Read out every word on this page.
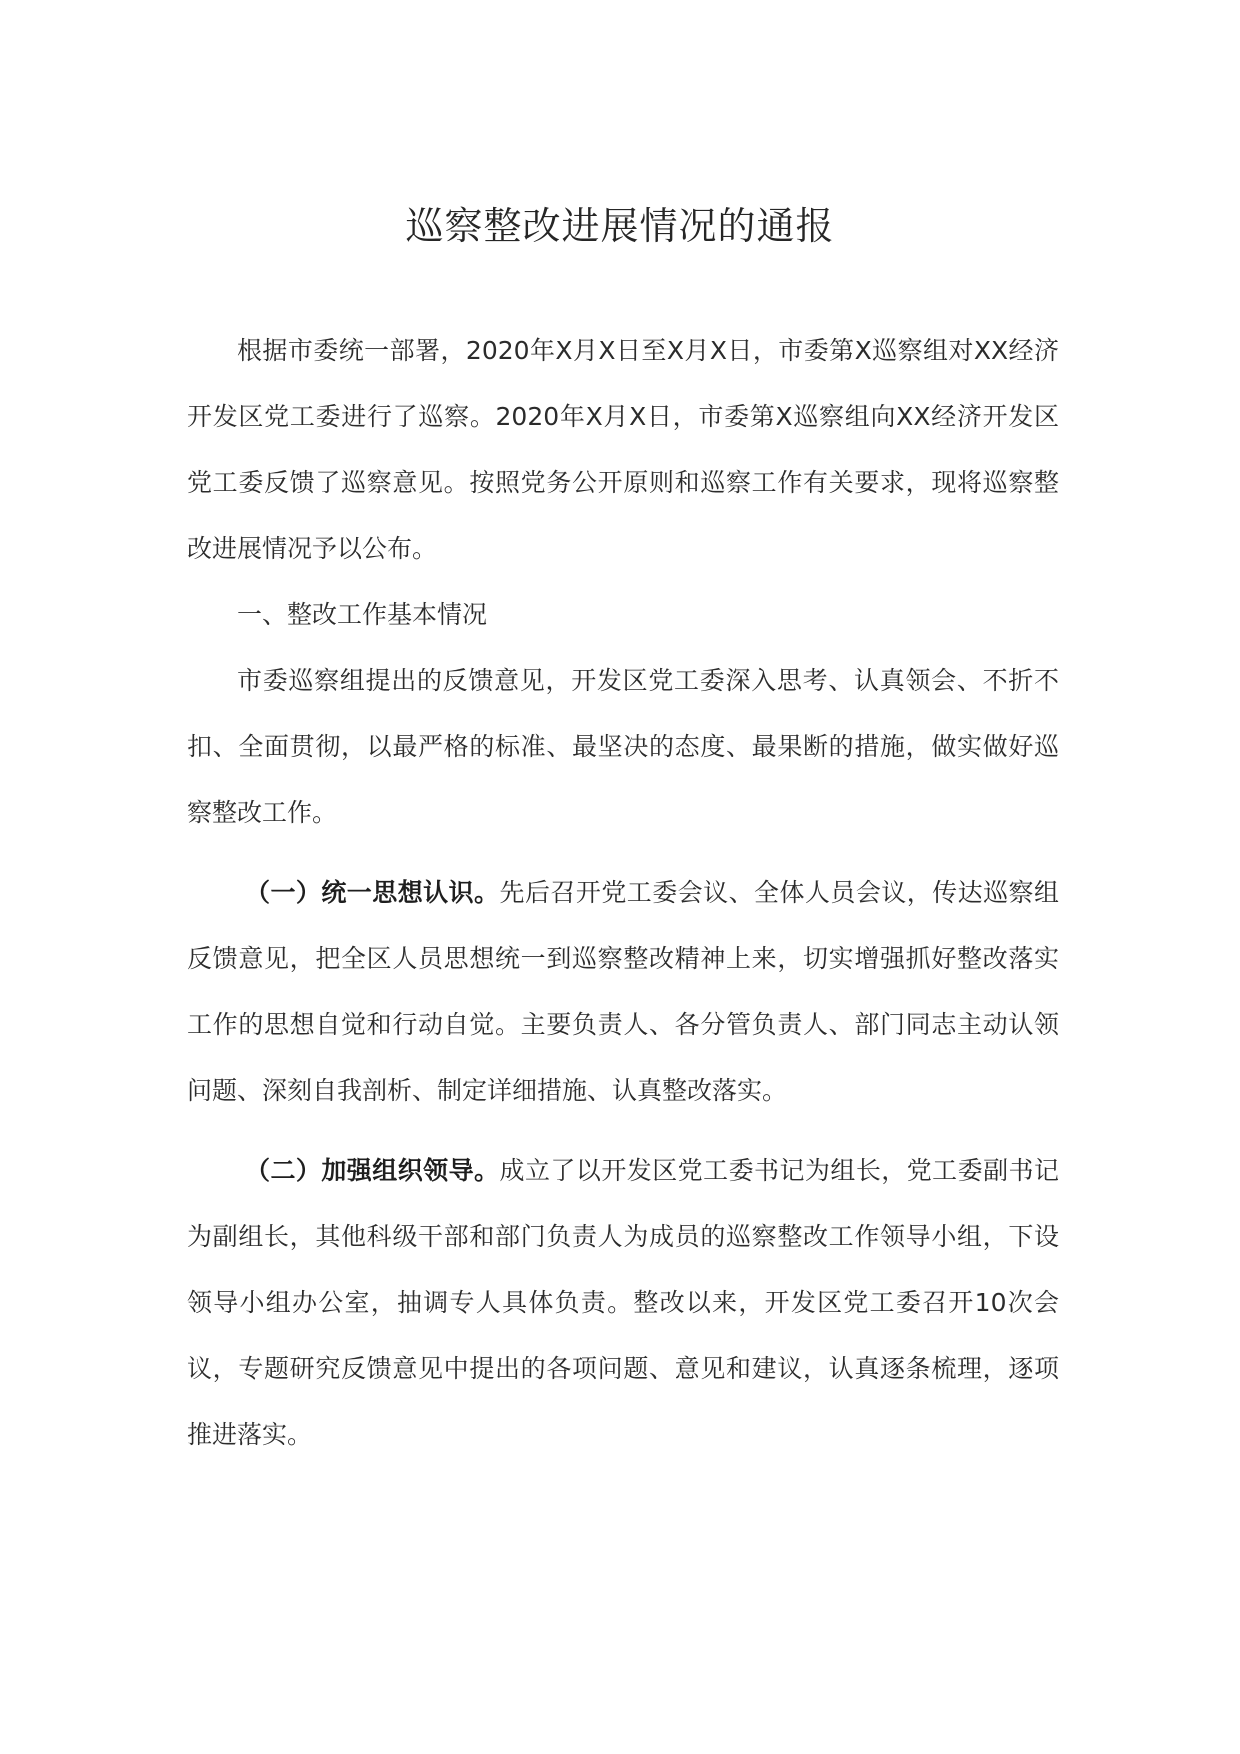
巡察整改进展情况的通报

根据市委统一部署，2020年X月X日至X月X日，市委第X巡察组对XX经济开发区党工委进行了巡察。2020年X月X日，市委第X巡察组向XX经济开发区党工委反馈了巡察意见。按照党务公开原则和巡察工作有关要求，现将巡察整改进展情况予以公布。

一、整改工作基本情况

市委巡察组提出的反馈意见，开发区党工委深入思考、认真领会、不折不扣、全面贯彻，以最严格的标准、最坚决的态度、最果断的措施，做实做好巡察整改工作。

（一）统一思想认识。先后召开党工委会议、全体人员会议，传达巡察组反馈意见，把全区人员思想统一到巡察整改精神上来，切实增强抓好整改落实工作的思想自觉和行动自觉。主要负责人、各分管负责人、部门同志主动认领问题、深刻自我剖析、制定详细措施、认真整改落实。

（二）加强组织领导。成立了以开发区党工委书记为组长，党工委副书记为副组长，其他科级干部和部门负责人为成员的巡察整改工作领导小组，下设领导小组办公室，抽调专人具体负责。整改以来，开发区党工委召开10次会议，专题研究反馈意见中提出的各项问题、意见和建议，认真逐条梳理，逐项推进落实。
